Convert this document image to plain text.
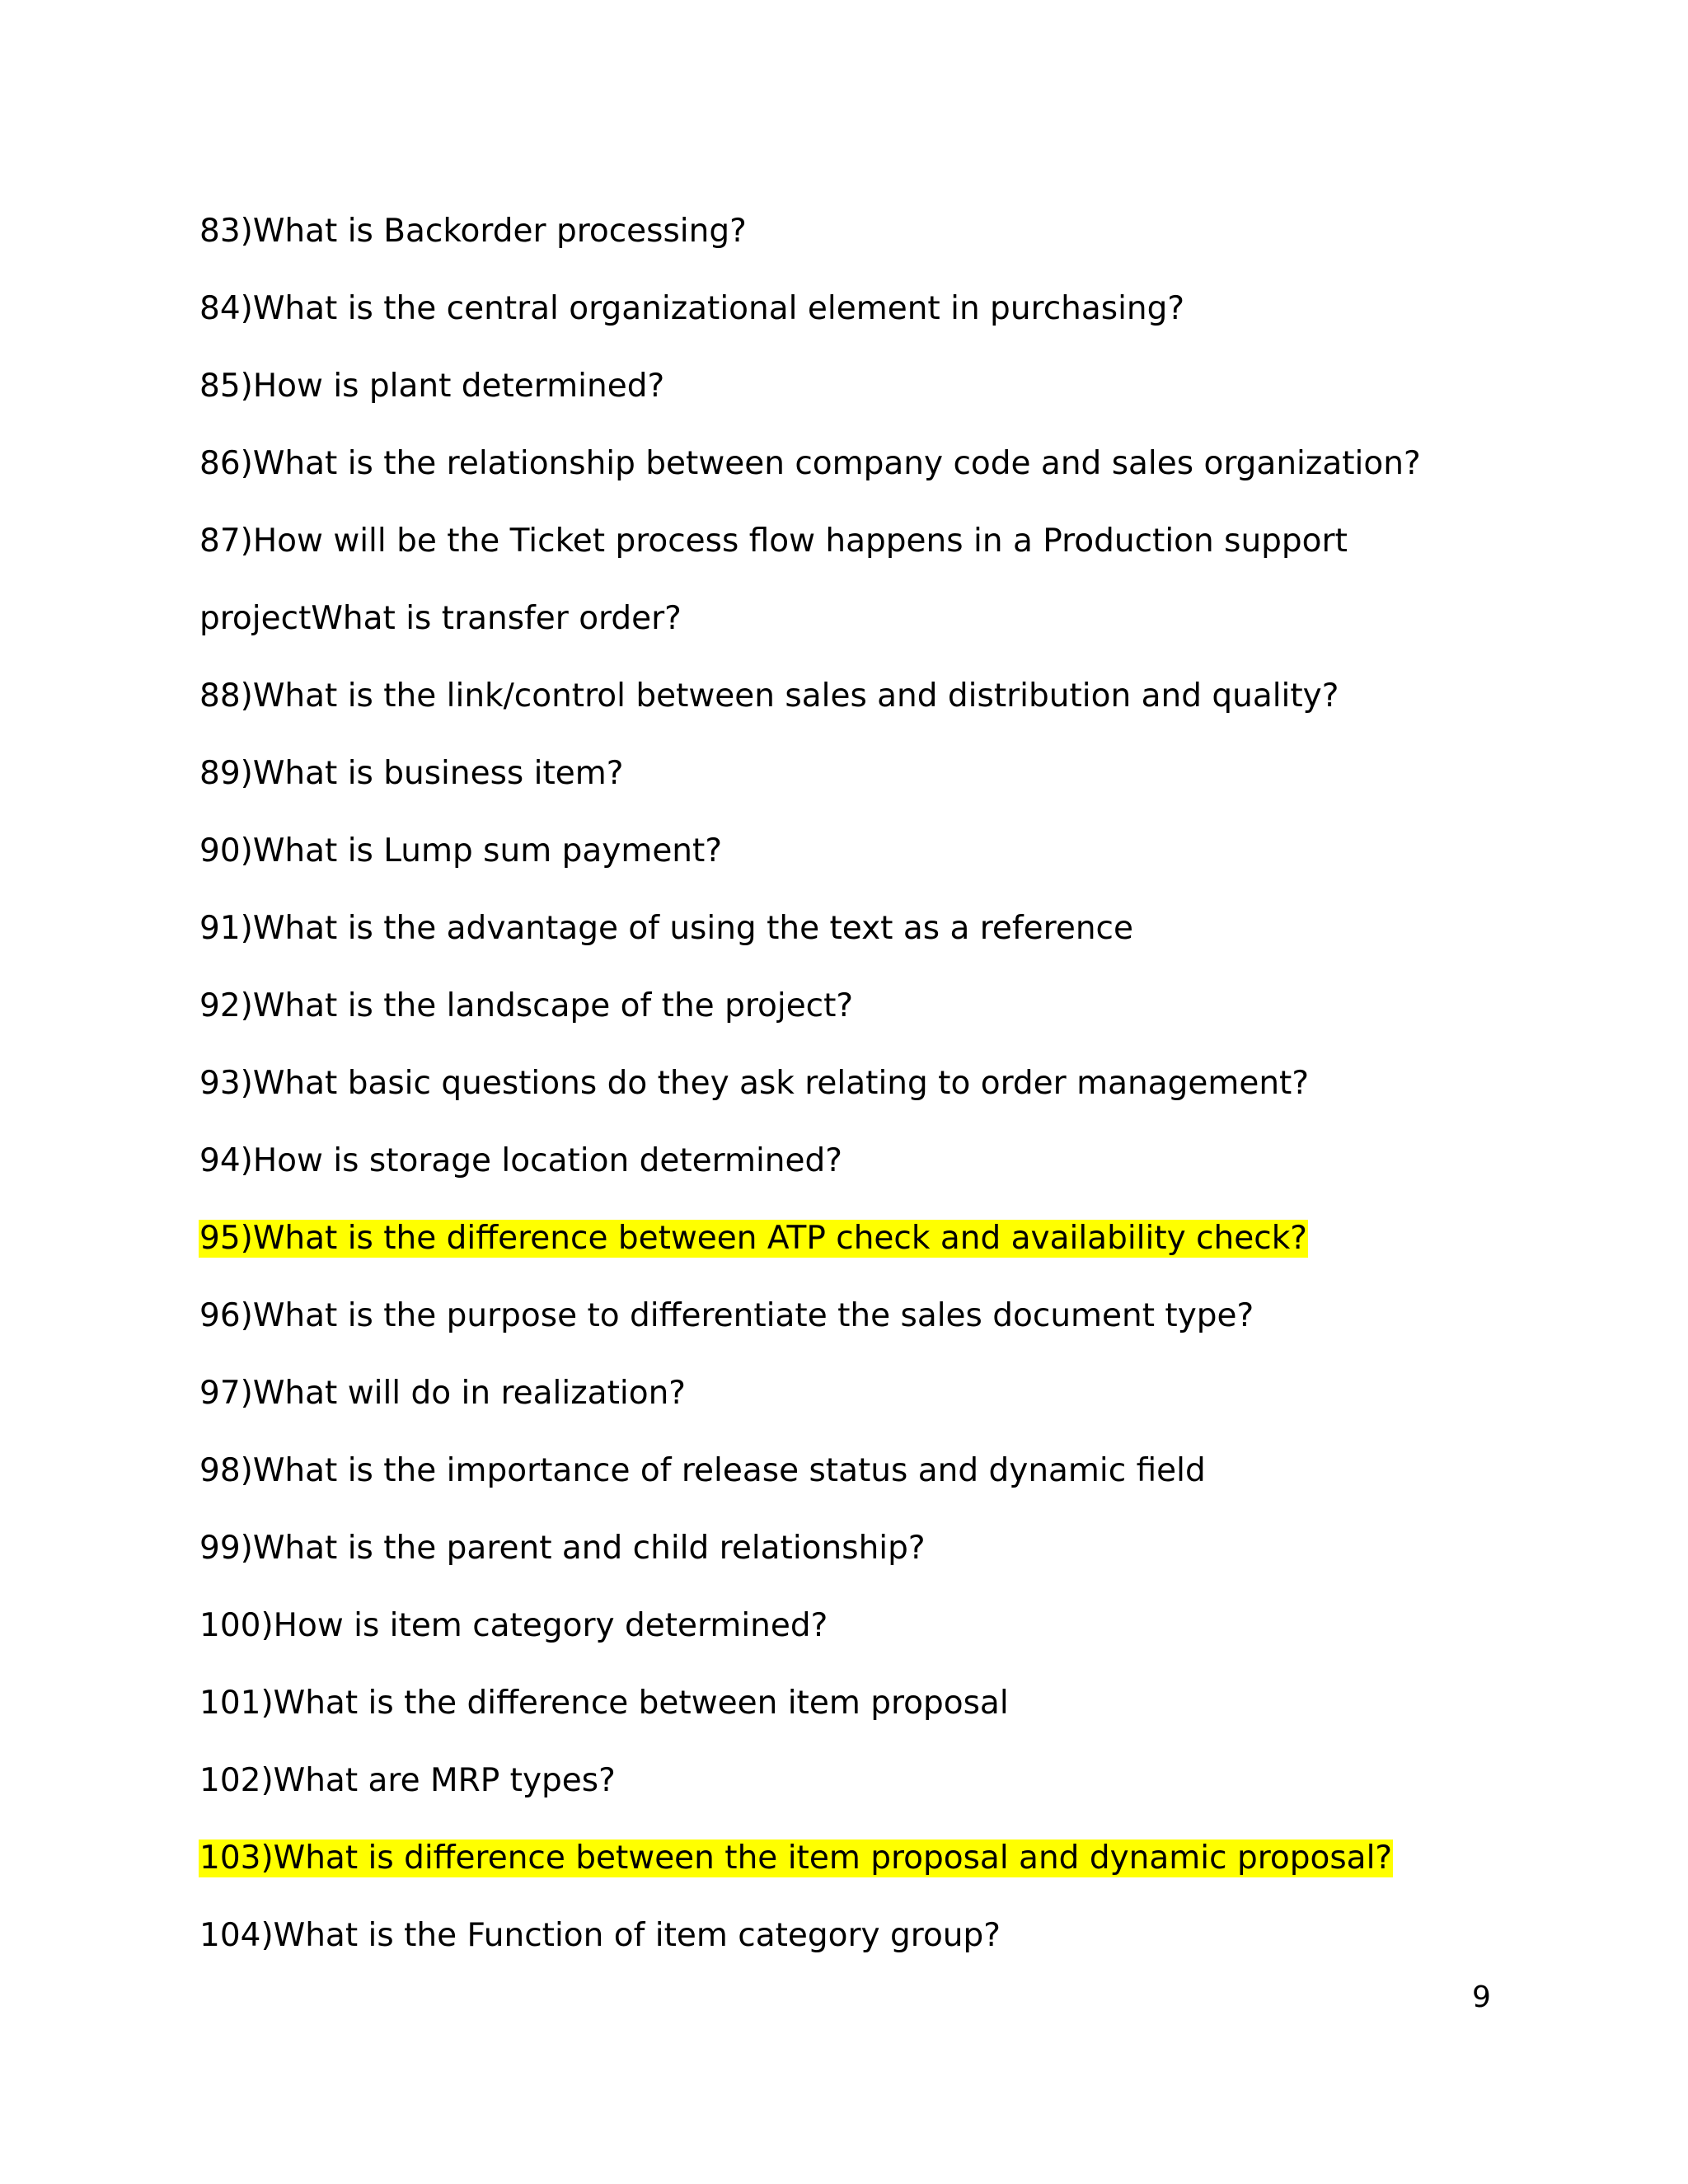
83)What is Backorder processing?
84)What is the central organizational element in purchasing?
85)How is plant determined?
86)What is the relationship between company code and sales organization?
87)How will be the Ticket process flow happens in a Production support
projectWhat is transfer order?
88)What is the link/control between sales and distribution and quality?
89)What is business item?
90)What is Lump sum payment?
91)What is the advantage of using the text as a reference
92)What is the landscape of the project?
93)What basic questions do they ask relating to order management?
94)How is storage location determined?
95)What is the difference between ATP check and availability check?
96)What is the purpose to differentiate the sales document type?
97)What will do in realization?
98)What is the importance of release status and dynamic field
99)What is the parent and child relationship?
100)How is item category determined?
101)What is the difference between item proposal
102)What are MRP types?
103)What is difference between the item proposal and dynamic proposal?
104)What is the Function of item category group?
9
